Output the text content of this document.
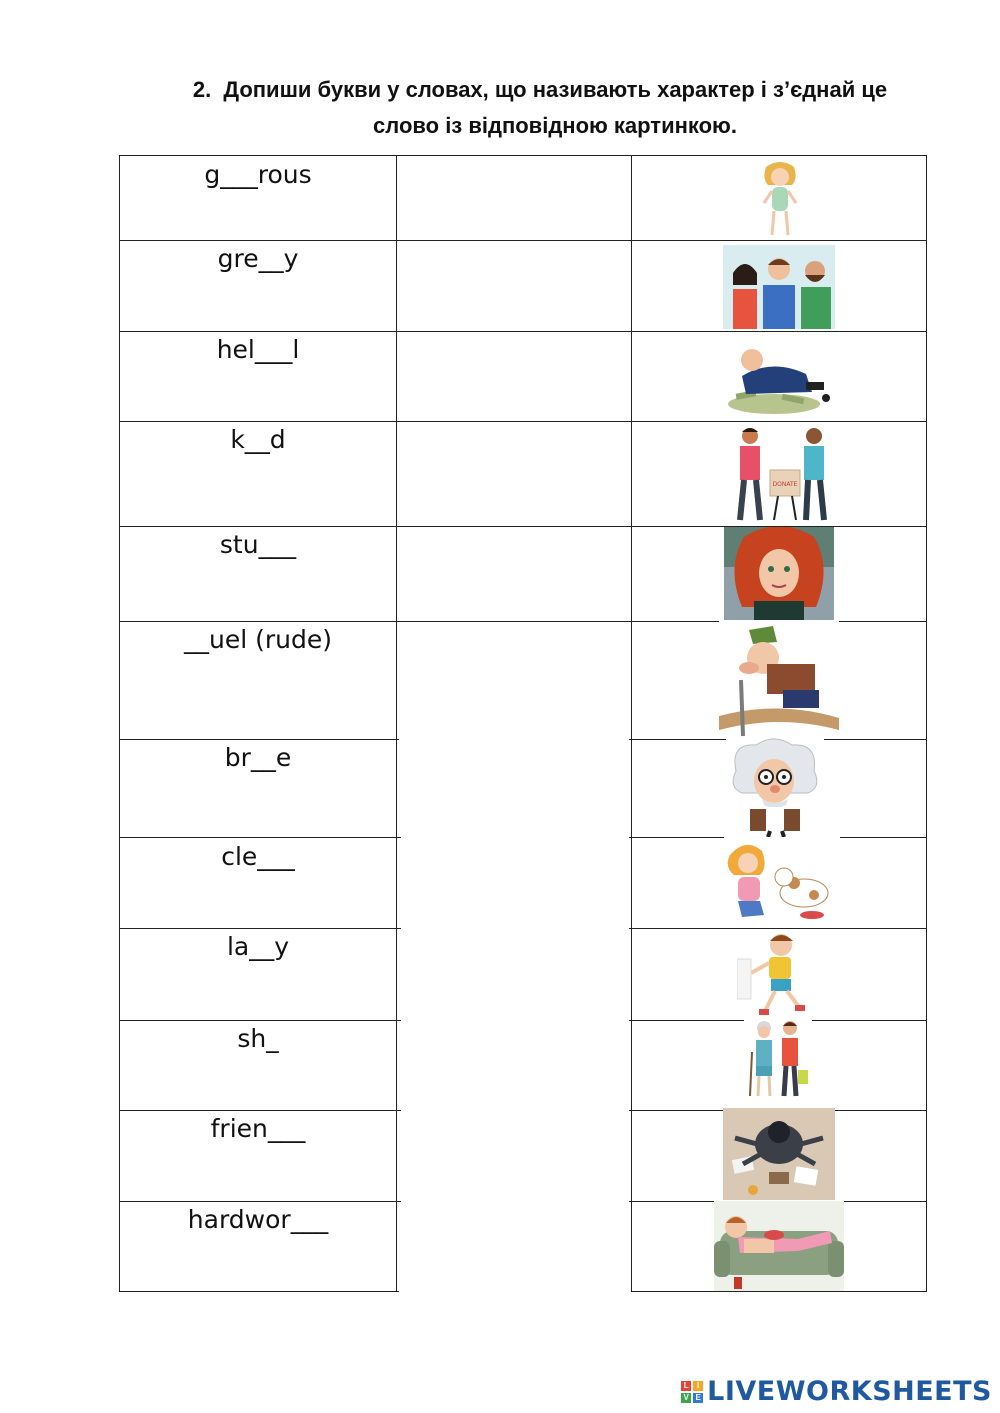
2. Допиши букви у словах, що називають характер і з’єднай це
слово із відповідною картинкою.
g___rous
gre__y
hel___l
k__d
stu___
__uel (rude)
br__e
cle___
la__y
sh_
frien___
hardwor___
DONATE
L	I
V E LIVEWORKSHEETS
